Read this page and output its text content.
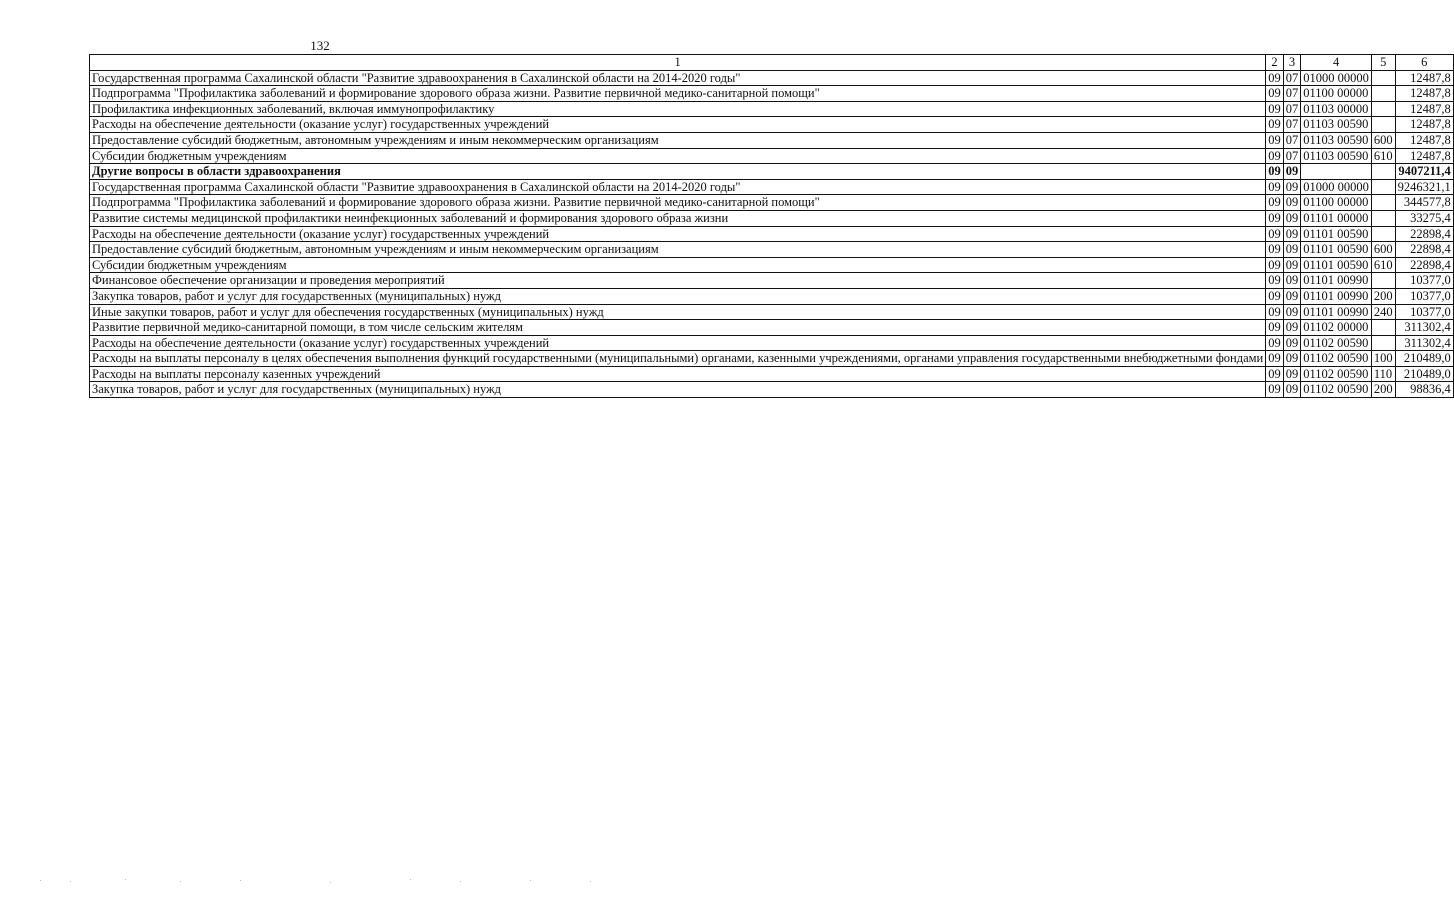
132
1	2	3	4	5	6
Государственная программа Сахалинской области "Развитие здравоохранения в Сахалинской области на 2014-2020 годы"	09	07	01000 00000		12487,8
Подпрограмма "Профилактика заболеваний и формирование здорового образа жизни. Развитие первичной медико-санитарной помощи"	09	07	01100 00000		12487,8
Профилактика инфекционных заболеваний, включая иммунопрофилактику	09	07	01103 00000		12487,8
Расходы на обеспечение деятельности (оказание услуг) государственных учреждений	09	07	01103 00590		12487,8
Предоставление субсидий бюджетным, автономным учреждениям и иным некоммерческим организациям	09	07	01103 00590	600	12487,8
Субсидии бюджетным учреждениям	09	07	01103 00590	610	12487,8
Другие вопросы в области здравоохранения	09	09			9407211,4
Государственная программа Сахалинской области "Развитие здравоохранения в Сахалинской области на 2014-2020 годы"	09	09	01000 00000		9246321,1
Подпрограмма "Профилактика заболеваний и формирование здорового образа жизни. Развитие первичной медико-санитарной помощи"	09	09	01100 00000		344577,8
Развитие системы медицинской профилактики неинфекционных заболеваний и формирования здорового образа жизни	09	09	01101 00000		33275,4
Расходы на обеспечение деятельности (оказание услуг) государственных учреждений	09	09	01101 00590		22898,4
Предоставление субсидий бюджетным, автономным учреждениям и иным некоммерческим организациям	09	09	01101 00590	600	22898,4
Субсидии бюджетным учреждениям	09	09	01101 00590	610	22898,4
Финансовое обеспечение организации и проведения мероприятий	09	09	01101 00990		10377,0
Закупка товаров, работ и услуг для государственных (муниципальных) нужд	09	09	01101 00990	200	10377,0
Иные закупки товаров, работ и услуг для обеспечения государственных (муниципальных) нужд	09	09	01101 00990	240	10377,0
Развитие первичной медико-санитарной помощи, в том числе сельским жителям	09	09	01102 00000		311302,4
Расходы на обеспечение деятельности (оказание услуг) государственных учреждений	09	09	01102 00590		311302,4
Расходы на выплаты персоналу в целях обеспечения выполнения функций государственными (муниципальными) органами, казенными учреждениями, органами управления государственными внебюджетными фондами	09	09	01102 00590	100	210489,0
Расходы на выплаты персоналу казенных учреждений	09	09	01102 00590	110	210489,0
Закупка товаров, работ и услуг для государственных (муниципальных) нужд	09	09	01102 00590	200	98836,4
